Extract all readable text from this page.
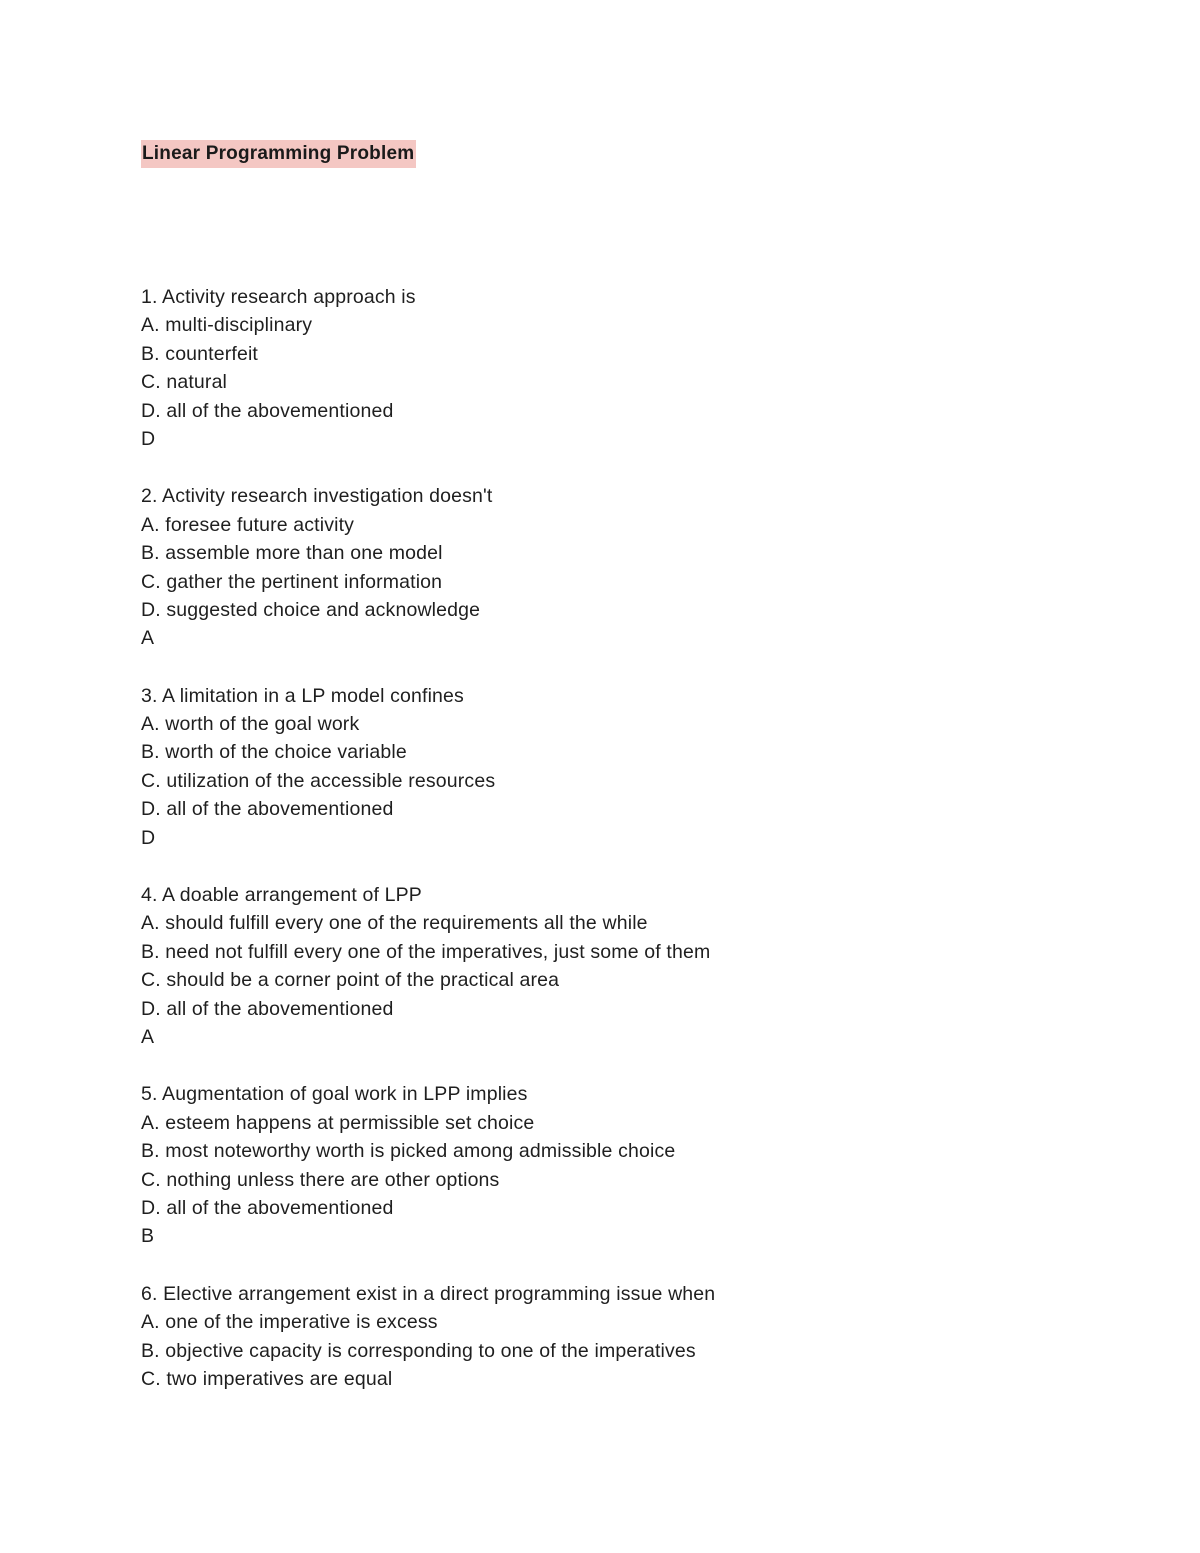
Linear Programming Problem
1. Activity research approach is
A. multi-disciplinary
B. counterfeit
C. natural
D. all of the abovementioned
D
2. Activity research investigation doesn't
A. foresee future activity
B. assemble more than one model
C. gather the pertinent information
D. suggested choice and acknowledge
A
3. A limitation in a LP model confines
A. worth of the goal work
B. worth of the choice variable
C. utilization of the accessible resources
D. all of the abovementioned
D
4. A doable arrangement of LPP
A. should fulfill every one of the requirements all the while
B. need not fulfill every one of the imperatives, just some of them
C. should be a corner point of the practical area
D. all of the abovementioned
A
5. Augmentation of goal work in LPP implies
A. esteem happens at permissible set choice
B. most noteworthy worth is picked among admissible choice
C. nothing unless there are other options
D. all of the abovementioned
B
6. Elective arrangement exist in a direct programming issue when
A. one of the imperative is excess
B. objective capacity is corresponding to one of the imperatives
C. two imperatives are equal
